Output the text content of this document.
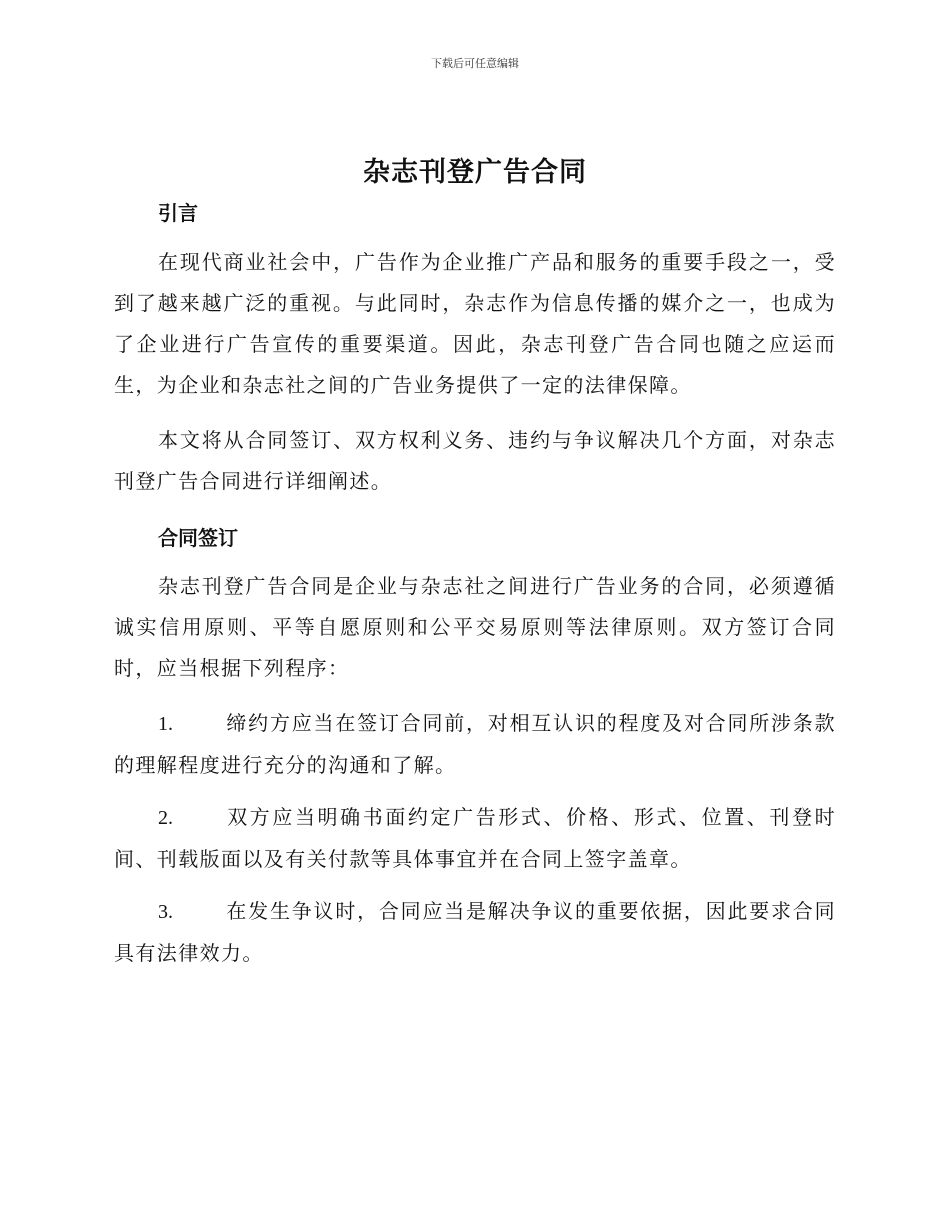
下载后可任意编辑
杂志刊登广告合同
引言
在现代商业社会中，广告作为企业推广产品和服务的重要手段之一，受到了越来越广泛的重视。与此同时，杂志作为信息传播的媒介之一，也成为了企业进行广告宣传的重要渠道。因此，杂志刊登广告合同也随之应运而生，为企业和杂志社之间的广告业务提供了一定的法律保障。
本文将从合同签订、双方权利义务、违约与争议解决几个方面，对杂志刊登广告合同进行详细阐述。
合同签订
杂志刊登广告合同是企业与杂志社之间进行广告业务的合同，必须遵循诚实信用原则、平等自愿原则和公平交易原则等法律原则。双方签订合同时，应当根据下列程序：
1.	缔约方应当在签订合同前，对相互认识的程度及对合同所涉条款的理解程度进行充分的沟通和了解。
2.	双方应当明确书面约定广告形式、价格、形式、位置、刊登时间、刊载版面以及有关付款等具体事宜并在合同上签字盖章。
3.	在发生争议时，合同应当是解决争议的重要依据，因此要求合同具有法律效力。
